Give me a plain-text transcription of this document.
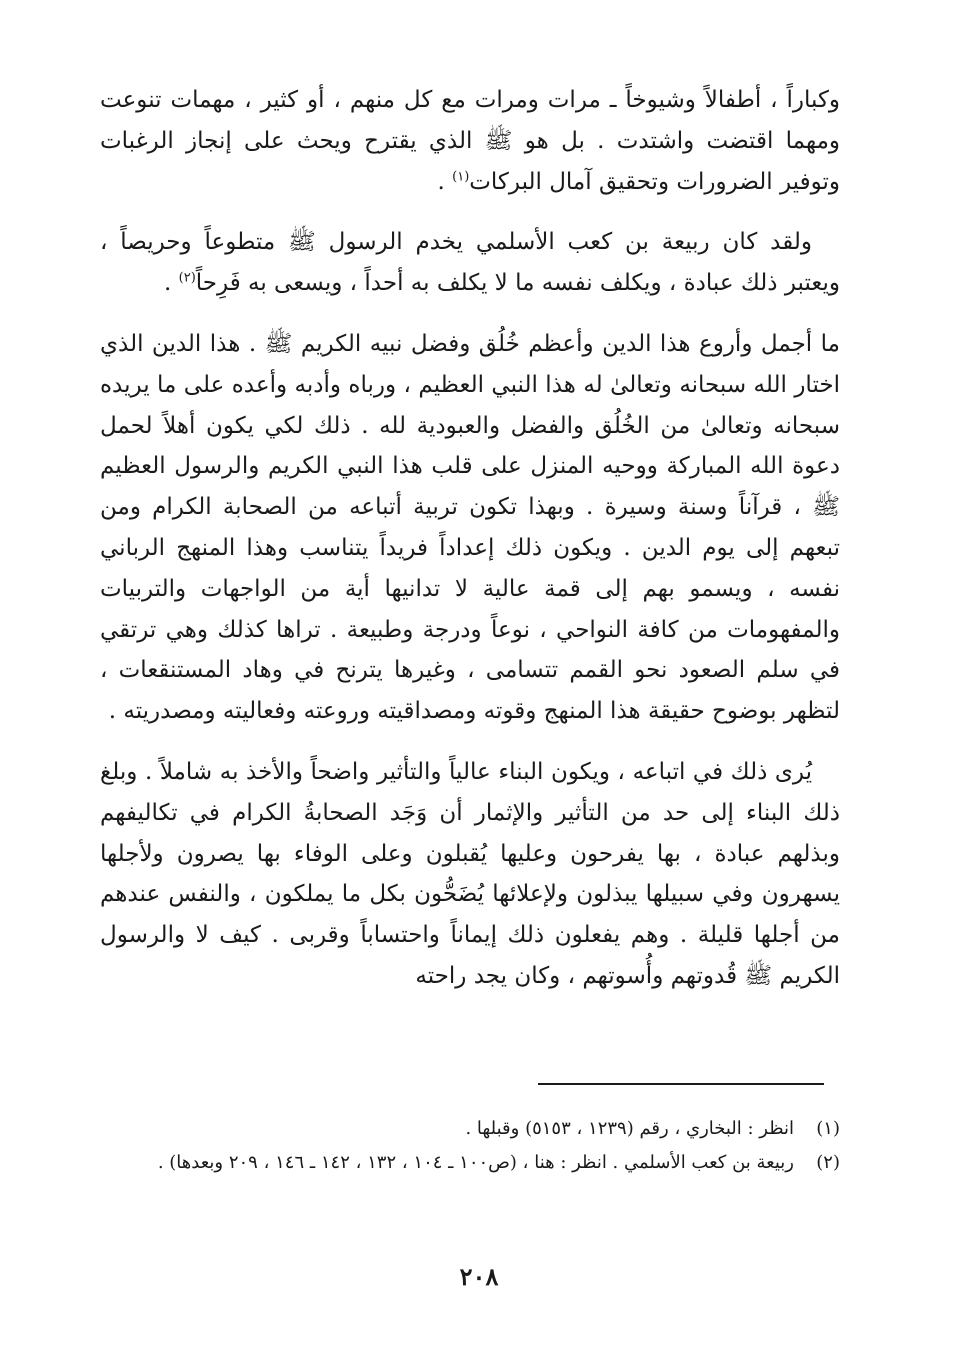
وكباراً ، أطفالاً وشيوخاً ـ مرات ومرات مع كل منهم ، أو كثير ، مهمات تنوعت ومهما اقتضت واشتدت . بل هو ﷺ الذي يقترح ويحث على إنجاز الرغبات وتوفير الضرورات وتحقيق آمال البركات$^{(١)}$ .

ولقد كان ربيعة بن كعب الأسلمي يخدم الرسول ﷺ متطوعاً وحريصاً ، ويعتبر ذلك عبادة ، ويكلف نفسه ما لا يكلف به أحداً ، ويسعى به فَرِحاً$^{(٢)}$ .

ما أجمل وأروع هذا الدين وأعظم خُلُق وفضل نبيه الكريم ﷺ . هذا الدين الذي اختار الله سبحانه وتعالىٰ له هذا النبي العظيم ، ورباه وأدبه وأعده على ما يريده سبحانه وتعالىٰ من الخُلُق والفضل والعبودية لله . ذلك لكي يكون أهلاً لحمل دعوة الله المباركة ووحيه المنزل على قلب هذا النبي الكريم والرسول العظيم ﷺ ، قرآناً وسنة وسيرة . وبهذا تكون تربية أتباعه من الصحابة الكرام ومن تبعهم إلى يوم الدين . ويكون ذلك إعداداً فريداً يتناسب وهذا المنهج الرباني نفسه ، ويسمو بهم إلى قمة عالية لا تدانيها أية من الواجهات والتربيات والمفهومات من كافة النواحي ، نوعاً ودرجة وطبيعة . تراها كذلك وهي ترتقي في سلم الصعود نحو القمم تتسامى ، وغيرها يترنح في وهاد المستنقعات ، لتظهر بوضوح حقيقة هذا المنهج وقوته ومصداقيته وروعته وفعاليته ومصدريته .

يُرى ذلك في اتباعه ، ويكون البناء عالياً والتأثير واضحاً والأخذ به شاملاً . وبلغ ذلك البناء إلى حد من التأثير والإثمار أن وَجَد الصحابةُ الكرام في تكاليفهم وبذلهم عبادة ، بها يفرحون وعليها يُقبلون وعلى الوفاء بها يصرون ولأجلها يسهرون وفي سبيلها يبذلون ولإعلائها يُضَحُّون بكل ما يملكون ، والنفس عندهم من أجلها قليلة . وهم يفعلون ذلك إيماناً واحتساباً وقربى . كيف لا والرسول الكريم ﷺ قُدوتهم وأُسوتهم ، وكان يجد راحته

(١)
انظر : البخاري ، رقم (١٢٣٩ ، ٥١٥٣) وقبلها .
(٢)
ربيعة بن كعب الأسلمي . انظر : هنا ، (ص١٠٠ ـ ١٠٤ ، ١٣٢ ، ١٤٢ ـ ١٤٦ ، ٢٠٩ وبعدها) .
٢٠٨
